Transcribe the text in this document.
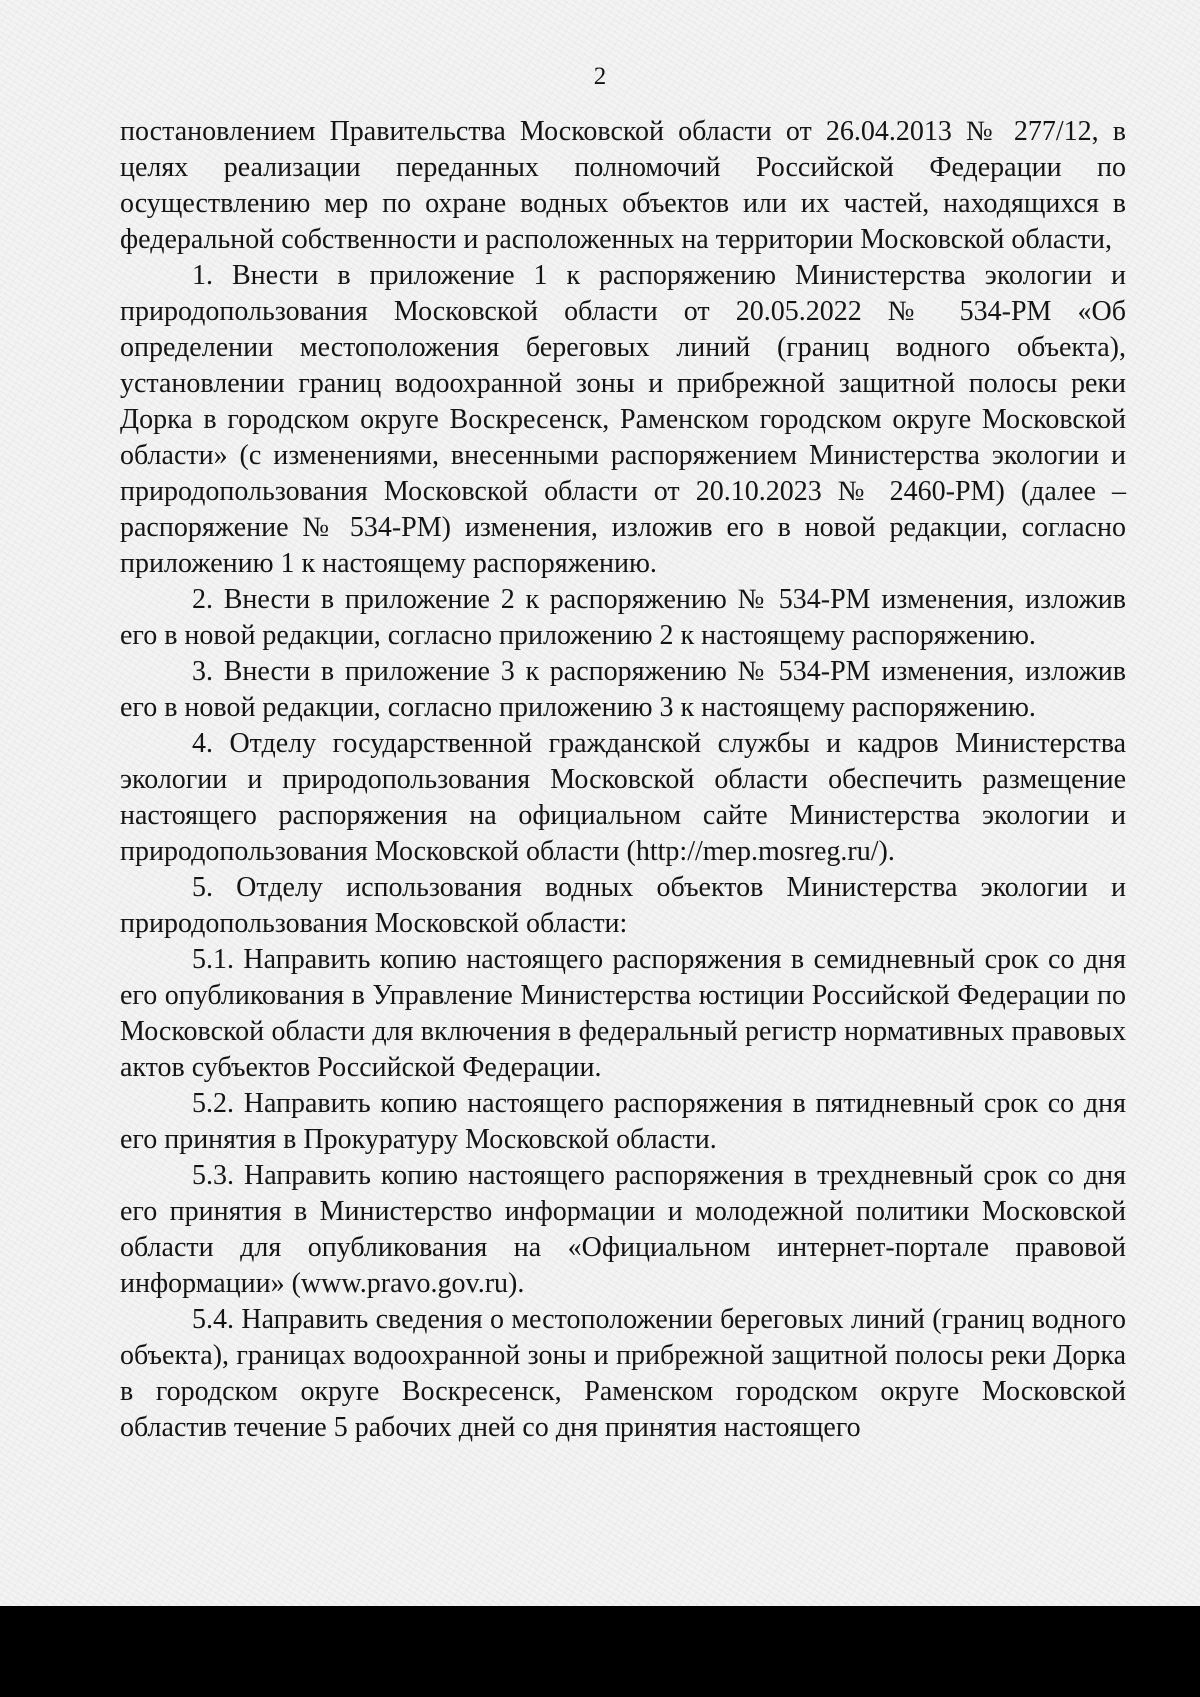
2

постановлением Правительства Московской области от 26.04.2013 № 277/12, в целях реализации переданных полномочий Российской Федерации по осуществлению мер по охране водных объектов или их частей, находящихся в федеральной собственности и расположенных на территории Московской области,

1. Внести в приложение 1 к распоряжению Министерства экологии и природопользования Московской области от 20.05.2022 № 534-РМ «Об определении местоположения береговых линий (границ водного объекта), установлении границ водоохранной зоны и прибрежной защитной полосы реки Дорка в городском округе Воскресенск, Раменском городском округе Московской области» (с изменениями, внесенными распоряжением Министерства экологии и природопользования Московской области от 20.10.2023 № 2460-РМ) (далее – распоряжение № 534-РМ) изменения, изложив его в новой редакции, согласно приложению 1 к настоящему распоряжению.

2. Внести в приложение 2 к распоряжению № 534-РМ изменения, изложив его в новой редакции, согласно приложению 2 к настоящему распоряжению.

3. Внести в приложение 3 к распоряжению № 534-РМ изменения, изложив его в новой редакции, согласно приложению 3 к настоящему распоряжению.

4. Отделу государственной гражданской службы и кадров Министерства экологии и природопользования Московской области обеспечить размещение настоящего распоряжения на официальном сайте Министерства экологии и природопользования Московской области (http://mep.mosreg.ru/).

5. Отделу использования водных объектов Министерства экологии и природопользования Московской области:

5.1. Направить копию настоящего распоряжения в семидневный срок со дня его опубликования в Управление Министерства юстиции Российской Федерации по Московской области для включения в федеральный регистр нормативных правовых актов субъектов Российской Федерации.

5.2. Направить копию настоящего распоряжения в пятидневный срок со дня его принятия в Прокуратуру Московской области.

5.3. Направить копию настоящего распоряжения в трехдневный срок со дня его принятия в Министерство информации и молодежной политики Московской области для опубликования на «Официальном интернет-портале правовой информации» (www.pravo.gov.ru).

5.4. Направить сведения о местоположении береговых линий (границ водного объекта), границах водоохранной зоны и прибрежной защитной полосы реки Дорка в городском округе Воскресенск, Раменском городском округе Московской областив течение 5 рабочих дней со дня принятия настоящего
